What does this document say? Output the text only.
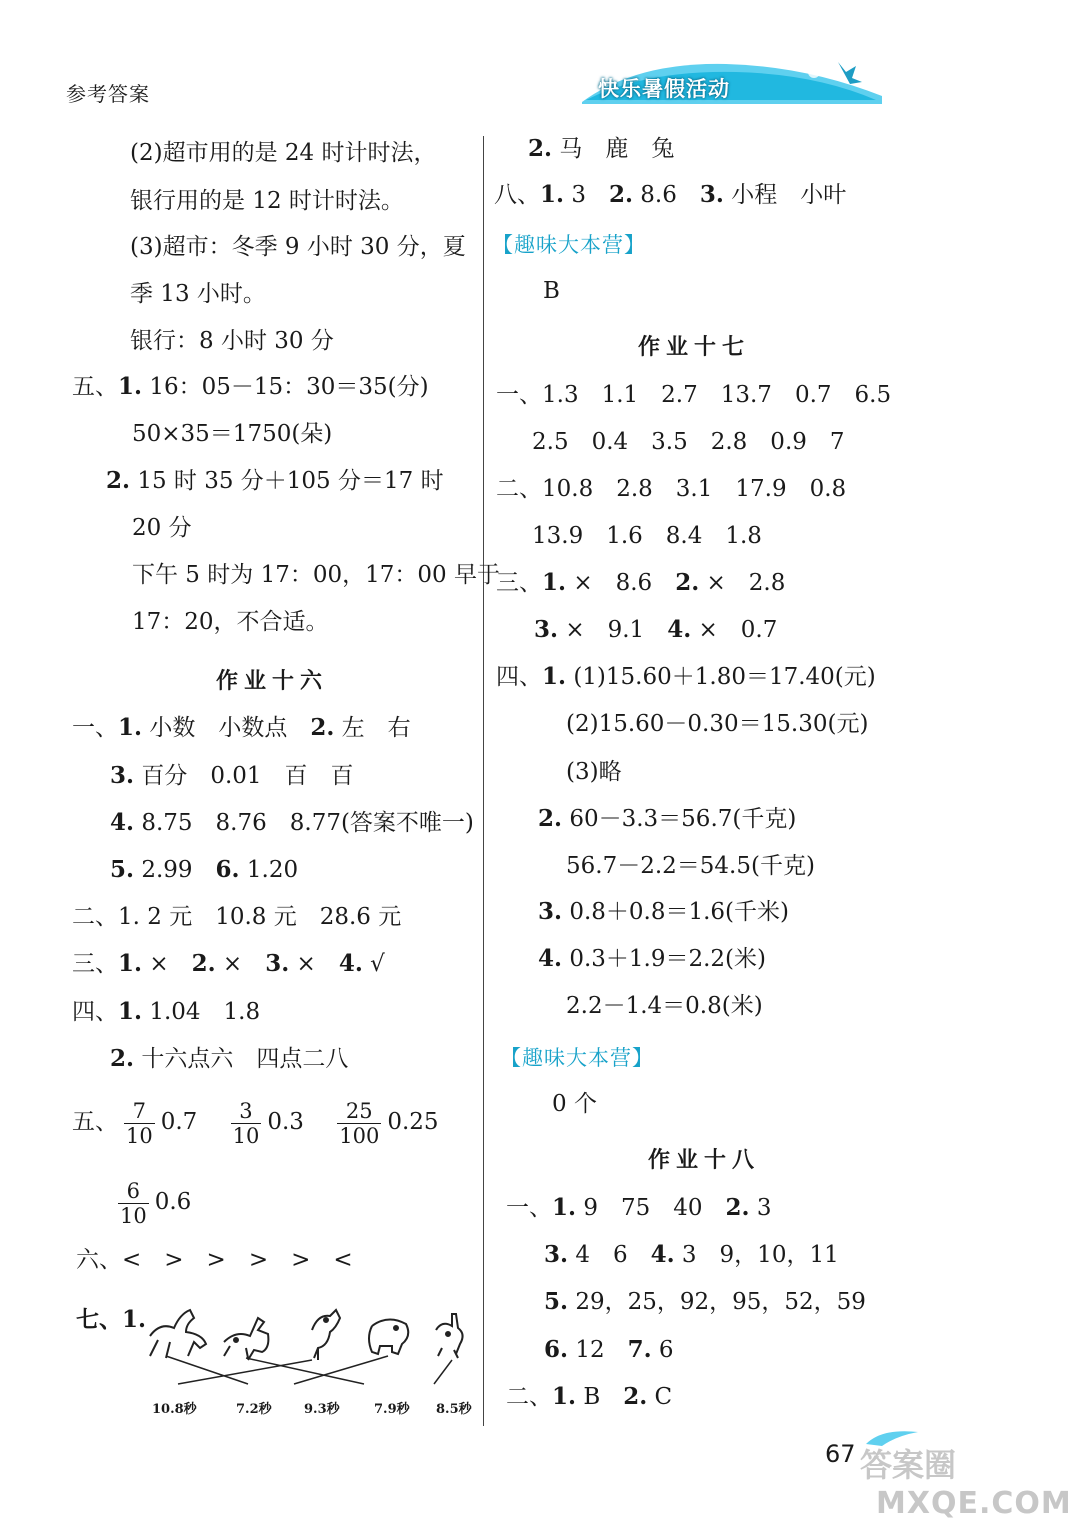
参考答案	快乐暑假活动
(2)超市用的是 24 时计时法，
银行用的是 12 时计时法。
(3)超市：冬季 9 小时 30 分，夏
季 13 小时。
银行：8 小时 30 分
五、1. 16：05－15：30＝35(分)
50×35＝1750(朵)
2. 15 时 35 分＋105 分＝17 时
20 分
下午 5 时为 17：00，17：00 早于
17：20，不合适。
作业十六
一、1. 小数　小数点　2. 左　右
3. 百分　0.01　百　百
4. 8.75　8.76　8.77(答案不唯一)
5. 2.99　6. 1.20
二、1. 2 元　10.8 元　28.6 元
三、1. ×　2. ×　3. ×　4. √
四、1. 1.04　1.8
2. 十六点六　四点二八
五、 $\frac{7}{10} 0.7 \frac{3}{10} 0.3 \frac{25}{100} 0.25$
$\frac{6}{10} 0.6$
六、<　>　>　>　>　<
七、1.
10.8秒	7.2秒 9.3秒	7.9秒 8.5秒
2. 马　鹿　兔
八、1. 3　2. 8.6　3. 小程　小叶
【趣味大本营】
B
作业十七
一、1.3　1.1　2.7　13.7　0.7　6.5
2.5　0.4　3.5　2.8　0.9　7
二、10.8　2.8　3.1　17.9　0.8
13.9　1.6　8.4　1.8
三、1. ×　8.6　2. ×　2.8
3. ×　9.1　4. ×　0.7
四、1. (1)15.60＋1.80＝17.40(元)
(2)15.60－0.30＝15.30(元)
(3)略
2. 60－3.3＝56.7(千克)
56.7－2.2＝54.5(千克)
3. 0.8＋0.8＝1.6(千米)
4. 0.3＋1.9＝2.2(米)
2.2－1.4＝0.8(米)
【趣味大本营】
0 个
作业十八
一、1. 9　75　40　2. 3
3. 4　6　4. 3　9，10，11
5. 29，25，92，95，52，59
6. 12　7. 6
二、1. B　2. C
67 答案圈
MXQE.COM
